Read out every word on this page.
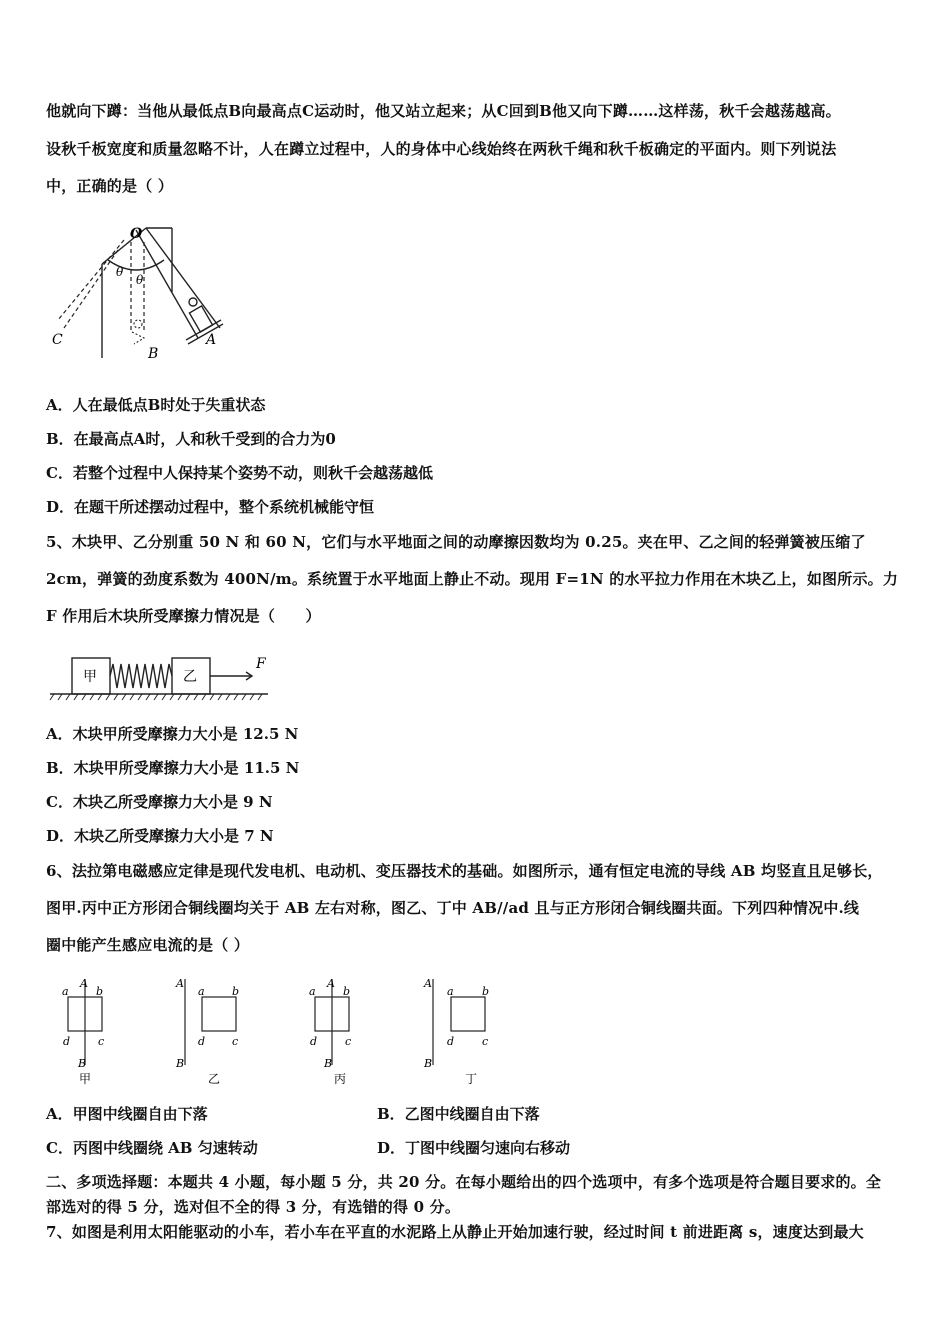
他就向下蹲：当他从最低点B向最高点C运动时，他又站立起来；从C回到B他又向下蹲……这样荡，秋千会越荡越高。
设秋千板宽度和质量忽略不计，人在蹲立过程中，人的身体中心线始终在两秋千绳和秋千板确定的平面内。则下列说法
中，正确的是（ ）
O
C
B
A
θ
θ
A．人在最低点B时处于失重状态
B．在最高点A时，人和秋千受到的合力为0
C．若整个过程中人保持某个姿势不动，则秋千会越荡越低
D．在题干所述摆动过程中，整个系统机械能守恒
5、木块甲、乙分别重 50 N 和 60 N，它们与水平地面之间的动摩擦因数均为 0.25。夹在甲、乙之间的轻弹簧被压缩了
2cm，弹簧的劲度系数为 400N/m。系统置于水平地面上静止不动。现用 F=1N 的水平拉力作用在木块乙上，如图所示。力
F 作用后木块所受摩擦力情况是（　　）
甲	乙
F
A．木块甲所受摩擦力大小是 12.5 N
B．木块甲所受摩擦力大小是 11.5 N
C．木块乙所受摩擦力大小是 9 N
D．木块乙所受摩擦力大小是 7 N
6、法拉第电磁感应定律是现代发电机、电动机、变压器技术的基础。如图所示，通有恒定电流的导线 AB 均竖直且足够长，
图甲.丙中正方形闭合铜线圈均关于 AB 左右对称，图乙、丁中 AB//ad 且与正方形闭合铜线圈共面。下列四种情况中.线
圈中能产生感应电流的是（ ）
A
B
a b
c
d
甲
A
B
a b
c
d
乙
A
B
a b
c
d
丙
A
B
a	b
c
d
丁
A．甲图中线圈自由下落	B．乙图中线圈自由下落
C．丙图中线圈绕 AB 匀速转动	D．丁图中线圈匀速向右移动
二、多项选择题：本题共 4 小题，每小题 5 分，共 20 分。在每小题给出的四个选项中，有多个选项是符合题目要求的。全
部选对的得 5 分，选对但不全的得 3 分，有选错的得 0 分。
7、如图是利用太阳能驱动的小车，若小车在平直的水泥路上从静止开始加速行驶，经过时间 t 前进距离 s，速度达到最大
